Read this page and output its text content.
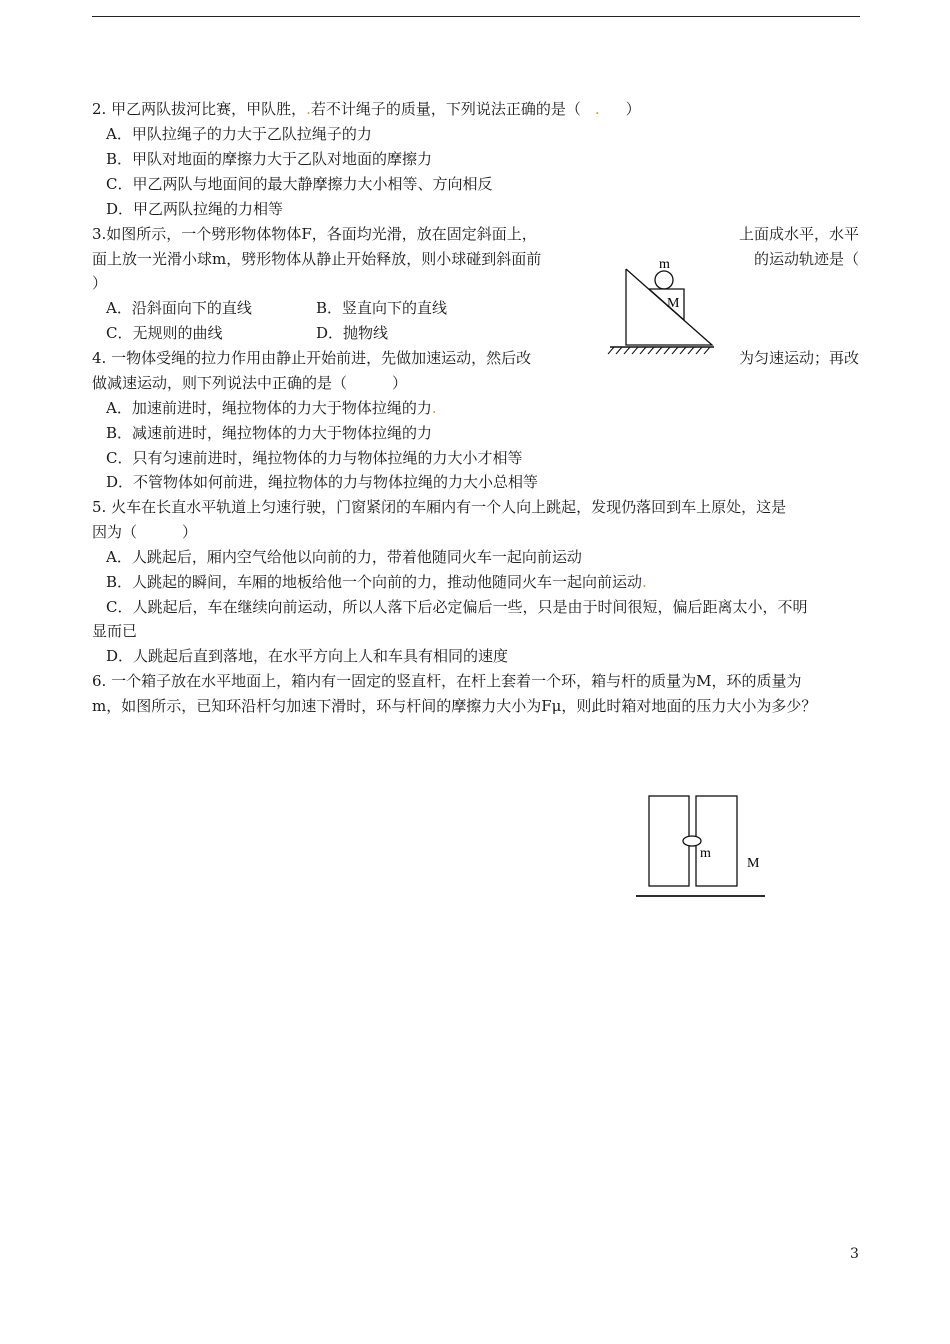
2. 甲乙两队拔河比赛，甲队胜，.若不计绳子的质量，下列说法正确的是（ . ）
A．甲队拉绳子的力大于乙队拉绳子的力
B．甲队对地面的摩擦力大于乙队对地面的摩擦力
C．甲乙两队与地面间的最大静摩擦力大小相等、方向相反
D．甲乙两队拉绳的力相等
3.如图所示，一个劈形物体物体F，各面均光滑，放在固定斜面上，	上面成水平，水平
面上放一光滑小球m，劈形物体从静止开始释放，则小球碰到斜面前	的运动轨迹是（
）
A．沿斜面向下的直线	B．竖直向下的直线
C．无规则的曲线	D．抛物线
m
M
4. 一物体受绳的拉力作用由静止开始前进，先做加速运动，然后改	为匀速运动；再改
做减速运动，则下列说法中正确的是（　　　）
A．加速前进时，绳拉物体的力大于物体拉绳的力.
B．减速前进时，绳拉物体的力大于物体拉绳的力
C．只有匀速前进时，绳拉物体的力与物体拉绳的力大小才相等
D．不管物体如何前进，绳拉物体的力与物体拉绳的力大小总相等
5. 火车在长直水平轨道上匀速行驶，门窗紧闭的车厢内有一个人向上跳起，发现仍落回到车上原处，这是
因为（　　　）
A．人跳起后，厢内空气给他以向前的力，带着他随同火车一起向前运动
B．人跳起的瞬间，车厢的地板给他一个向前的力，推动他随同火车一起向前运动.
C．人跳起后，车在继续向前运动，所以人落下后必定偏后一些，只是由于时间很短，偏后距离太小，不明
显而已
D．人跳起后直到落地，在水平方向上人和车具有相同的速度
6. 一个箱子放在水平地面上，箱内有一固定的竖直杆，在杆上套着一个环，箱与杆的质量为M，环的质量为
m，如图所示，已知环沿杆匀加速下滑时，环与杆间的摩擦力大小为Fμ，则此时箱对地面的压力大小为多少？
m
M
3
